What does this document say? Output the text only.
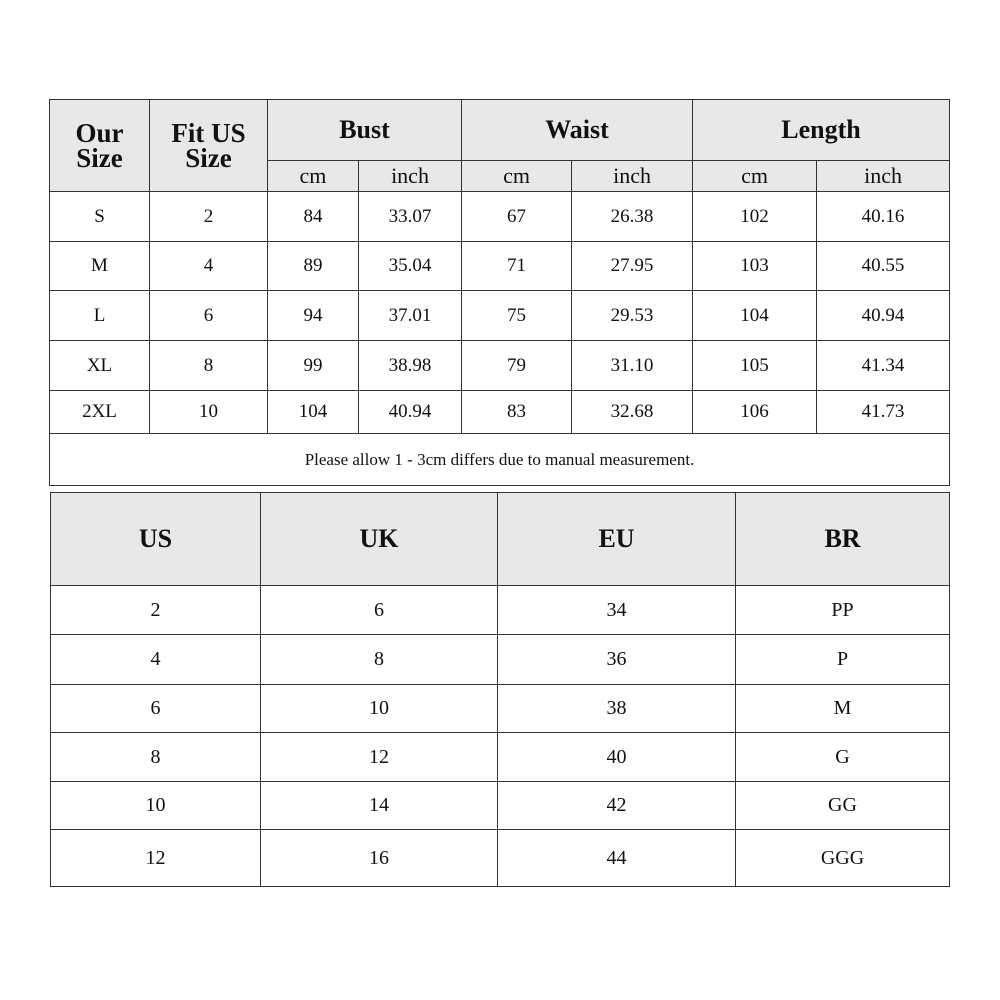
Our Size	Fit US Size	Bust		Waist		Length	
		cm	inch	cm	inch	cm	inch
S	2	84	33.07	67	26.38	102	40.16
M	4	89	35.04	71	27.95	103	40.55
L	6	94	37.01	75	29.53	104	40.94
XL	8	99	38.98	79	31.10	105	41.34
2XL	10	104	40.94	83	32.68	106	41.73
Please allow 1 - 3cm differs due to manual measurement.							
US	UK	EU	BR
2	6	34	PP
4	8	36	P
6	10	38	M
8	12	40	G
10	14	42	GG
12	16	44	GGG
